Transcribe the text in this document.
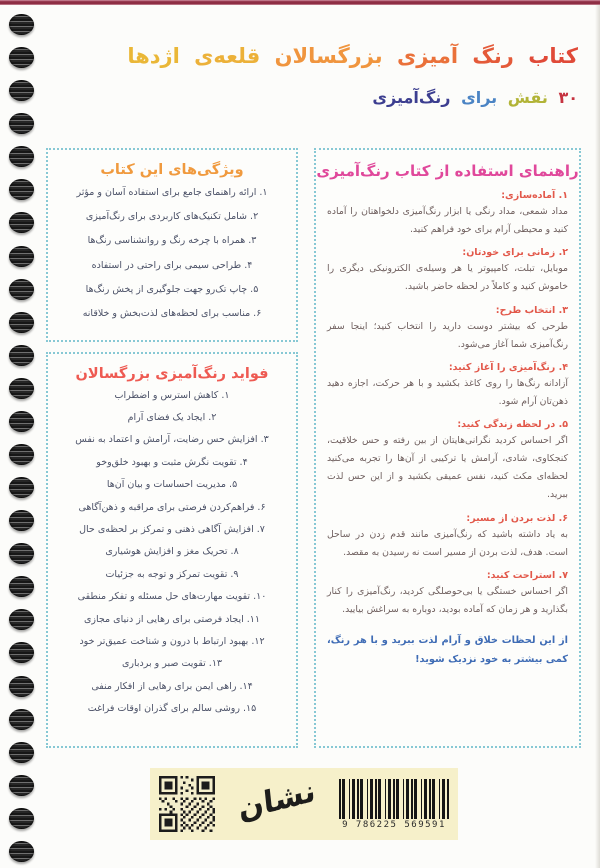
کتاب رنگ آمیزی بزرگسالان قلعه‌ی اژدها
۳۰ نقش برای رنگ‌آمیزی
ویژگی‌های این کتاب
۱. ارائه راهنمای جامع برای استفاده آسان و مؤثر
۲. شامل تکنیک‌های کاربردی برای رنگ‌آمیزی
۳. همراه با چرخه رنگ و روانشناسی رنگ‌ها
۴. طراحی سیمی برای راحتی در استفاده
۵. چاپ تک‌رو جهت جلوگیری از پخش رنگ‌ها
۶. مناسب برای لحظه‌های لذت‌بخش و خلاقانه
فواید رنگ‌آمیزی بزرگسالان
۱. کاهش استرس و اضطراب
۲. ایجاد یک فضای آرام
۳. افزایش حس رضایت، آرامش و اعتماد به نفس
۴. تقویت نگرش مثبت و بهبود خلق‌وخو
۵. مدیریت احساسات و بیان آن‌ها
۶. فراهم‌کردن فرصتی برای مراقبه و ذهن‌آگاهی
۷. افزایش آگاهی ذهنی و تمرکز بر لحظه‌ی حال
۸. تحریک مغز و افزایش هوشیاری
۹. تقویت تمرکز و توجه به جزئیات
۱۰. تقویت مهارت‌های حل مسئله و تفکر منطقی
۱۱. ایجاد فرصتی برای رهایی از دنیای مجازی
۱۲. بهبود ارتباط با درون و شناخت عمیق‌تر خود
۱۳. تقویت صبر و بردباری
۱۴. راهی ایمن برای رهایی از افکار منفی
۱۵. روشی سالم برای گذران اوقات فراغت
راهنمای استفاده از کتاب رنگ‌آمیزی
۱. آماده‌سازی:
مداد شمعی، مداد رنگی یا ابزار رنگ‌آمیزی دلخواهتان را آماده کنید و محیطی آرام برای خود فراهم کنید.
۲. زمانی برای خودتان:
موبایل، تبلت، کامپیوتر یا هر وسیله‌ی الکترونیکی دیگری را خاموش کنید و کاملاً در لحظه حاضر باشید.
۳. انتخاب طرح:
طرحی که بیشتر دوست دارید را انتخاب کنید؛ اینجا سفر رنگ‌آمیزی شما آغاز می‌شود.
۴. رنگ‌آمیزی را آغاز کنید:
آزادانه رنگ‌ها را روی کاغذ بکشید و با هر حرکت، اجازه دهید ذهن‌تان آرام شود.
۵. در لحظه زندگی کنید:
اگر احساس کردید نگرانی‌هایتان از بین رفته و حس خلاقیت، کنجکاوی، شادی، آرامش یا ترکیبی از آن‌ها را تجربه می‌کنید لحظه‌ای مکث کنید، نفس عمیقی بکشید و از این حس لذت ببرید.
۶. لذت بردن از مسیر:
به یاد داشته باشید که رنگ‌آمیزی مانند قدم زدن در ساحل است. هدف، لذت بردن از مسیر است نه رسیدن به مقصد.
۷. استراحت کنید:
اگر احساس خستگی یا بی‌حوصلگی کردید، رنگ‌آمیزی را کنار بگذارید و هر زمان که آماده بودید، دوباره به سراغش بیایید.
از این لحظات خلاق و آرام لذت ببرید و با هر رنگ، کمی بیشتر به خود نزدیک شوید!
نشان	9 786225 569591
